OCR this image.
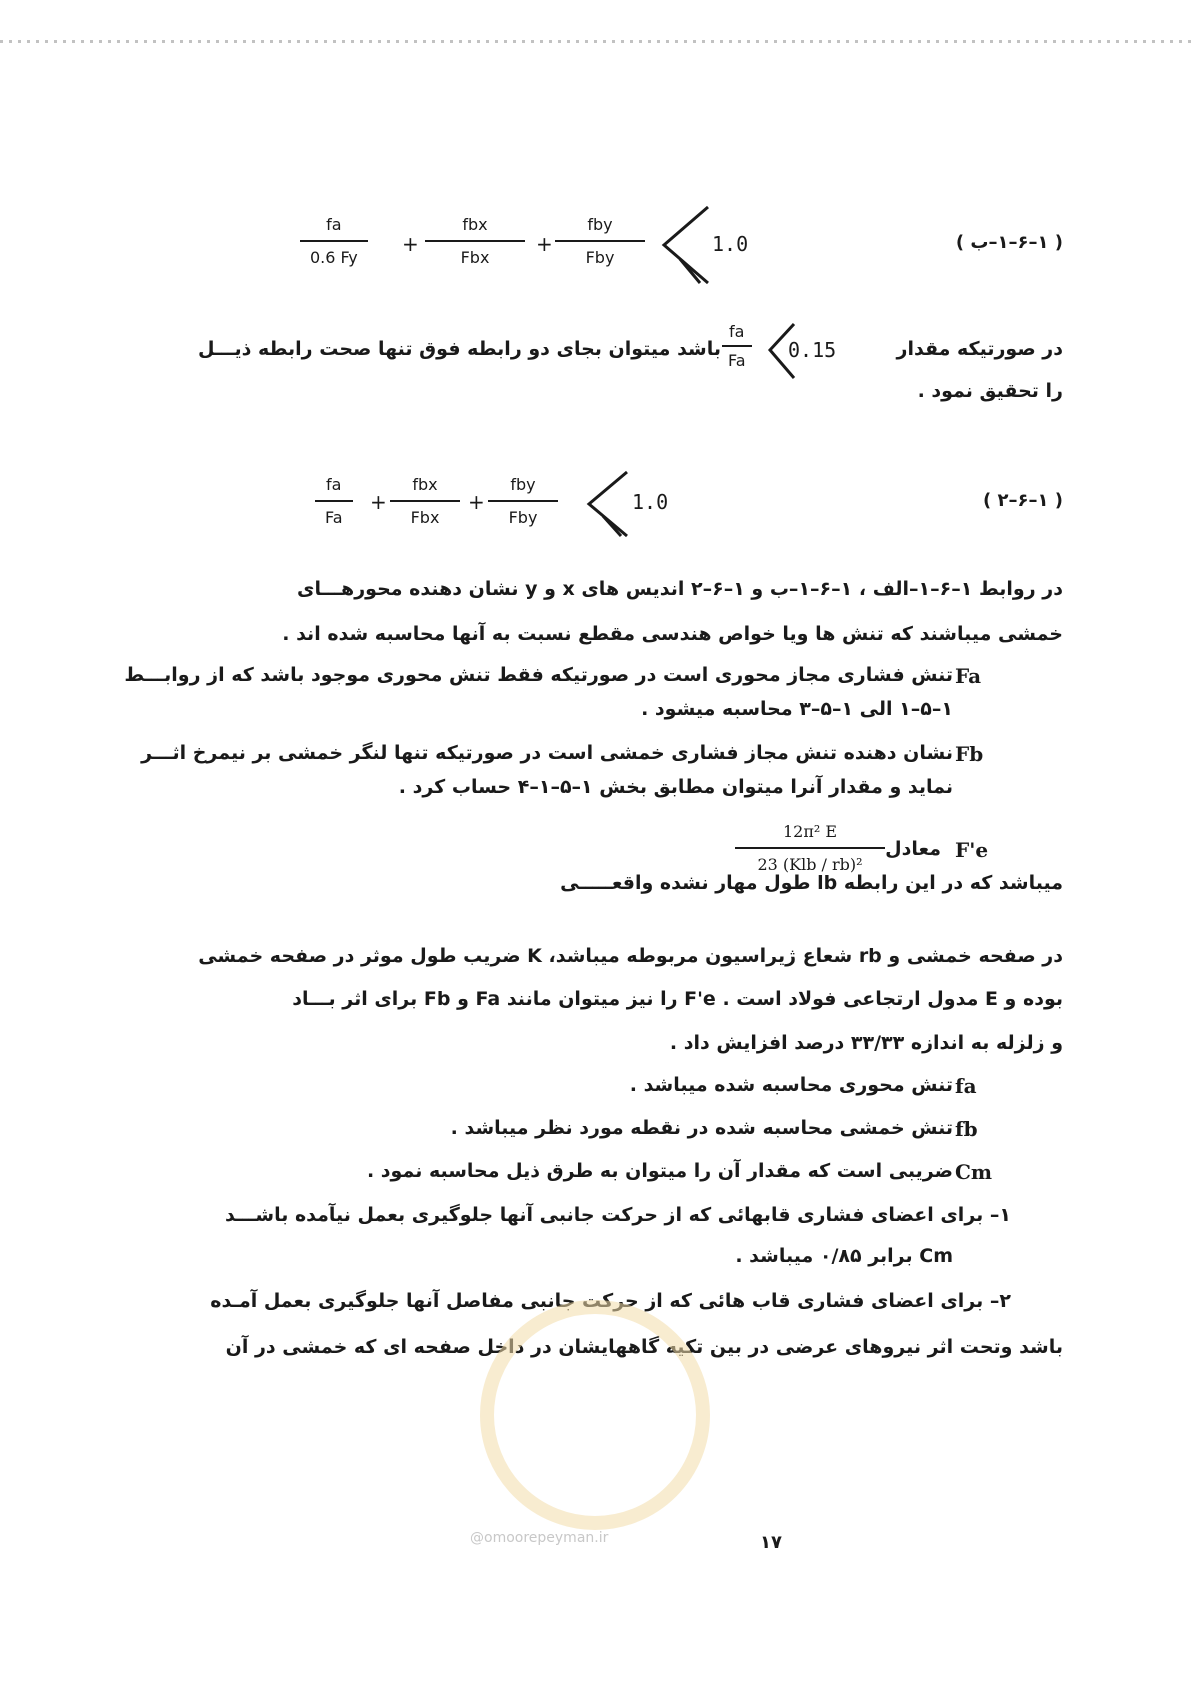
$\frac{fa}{0.6 Fy}$ +
fbx
Fbx
+
fby
Fby
1.0	( ۱–۶–۱–ب )
در صورتیکه مقدار
0.15
$\frac{fa}{Fa}$
باشد میتوان بجای دو رابطه فوق تنها صحت رابطه ذیـــل
را تحقیق نمود .
$\frac{fa}{Fa}$ +
fbx
Fbx
+
fby
Fby
1.0	( ۱–۶–۲ )
در روابط ۱–۶–۱–الف ، ۱–۶–۱–ب و ۱–۶–۲ اندیس های x و y نشان دهنده محورهـــای
خمشی میباشند که تنش ها ویا خواص هندسی مقطع نسبت به آنها محاسبه شده اند .
Fa
تنش فشاری مجاز محوری است در صورتیکه فقط تنش محوری موجود باشد که از روابـــط
۱–۵–۱ الی ۱–۵–۳ محاسبه میشود .
Fb
نشان دهنده تنش مجاز فشاری خمشی است در صورتیکه تنها لنگر خمشی بر نیمرخ اثـــر
نماید و مقدار آنرا میتوان مطابق بخش ۱–۵–۱–۴ حساب کرد .
F'e
معادل
12π² E
23 (Klb / rb)²
میباشد که در این رابطه lb طول مهار نشده واقعـــــی
در صفحه خمشی و rb شعاع ژیراسیون مربوطه میباشد، K ضریب طول موثر در صفحه خمشی
بوده و E مدول ارتجاعی فولاد است . F'e را نیز میتوان مانند Fa و Fb برای اثر بـــاد
و زلزله به اندازه ۳۳/۳۳ درصد افزایش داد .
fa
تنش محوری محاسبه شده میباشد .
fb
تنش خمشی محاسبه شده در نقطه مورد نظر میباشد .
Cm
ضریبی است که مقدار آن را میتوان به طرق ذیل محاسبه نمود .
۱– برای اعضای فشاری قابهائی که از حرکت جانبی آنها جلوگیری بعمل نیآمده باشـــد
Cm برابر ۰/۸۵ میباشد .
۲– برای اعضای فشاری قاب هائی که از حرکت جانبی مفاصل آنها جلوگیری بعمل آمـده
باشد وتحت اثر نیروهای عرضی در بین تکیه گاههایشان در داخل صفحه ای که خمشی در آن
@omoorepeyman.ir	۱۷
